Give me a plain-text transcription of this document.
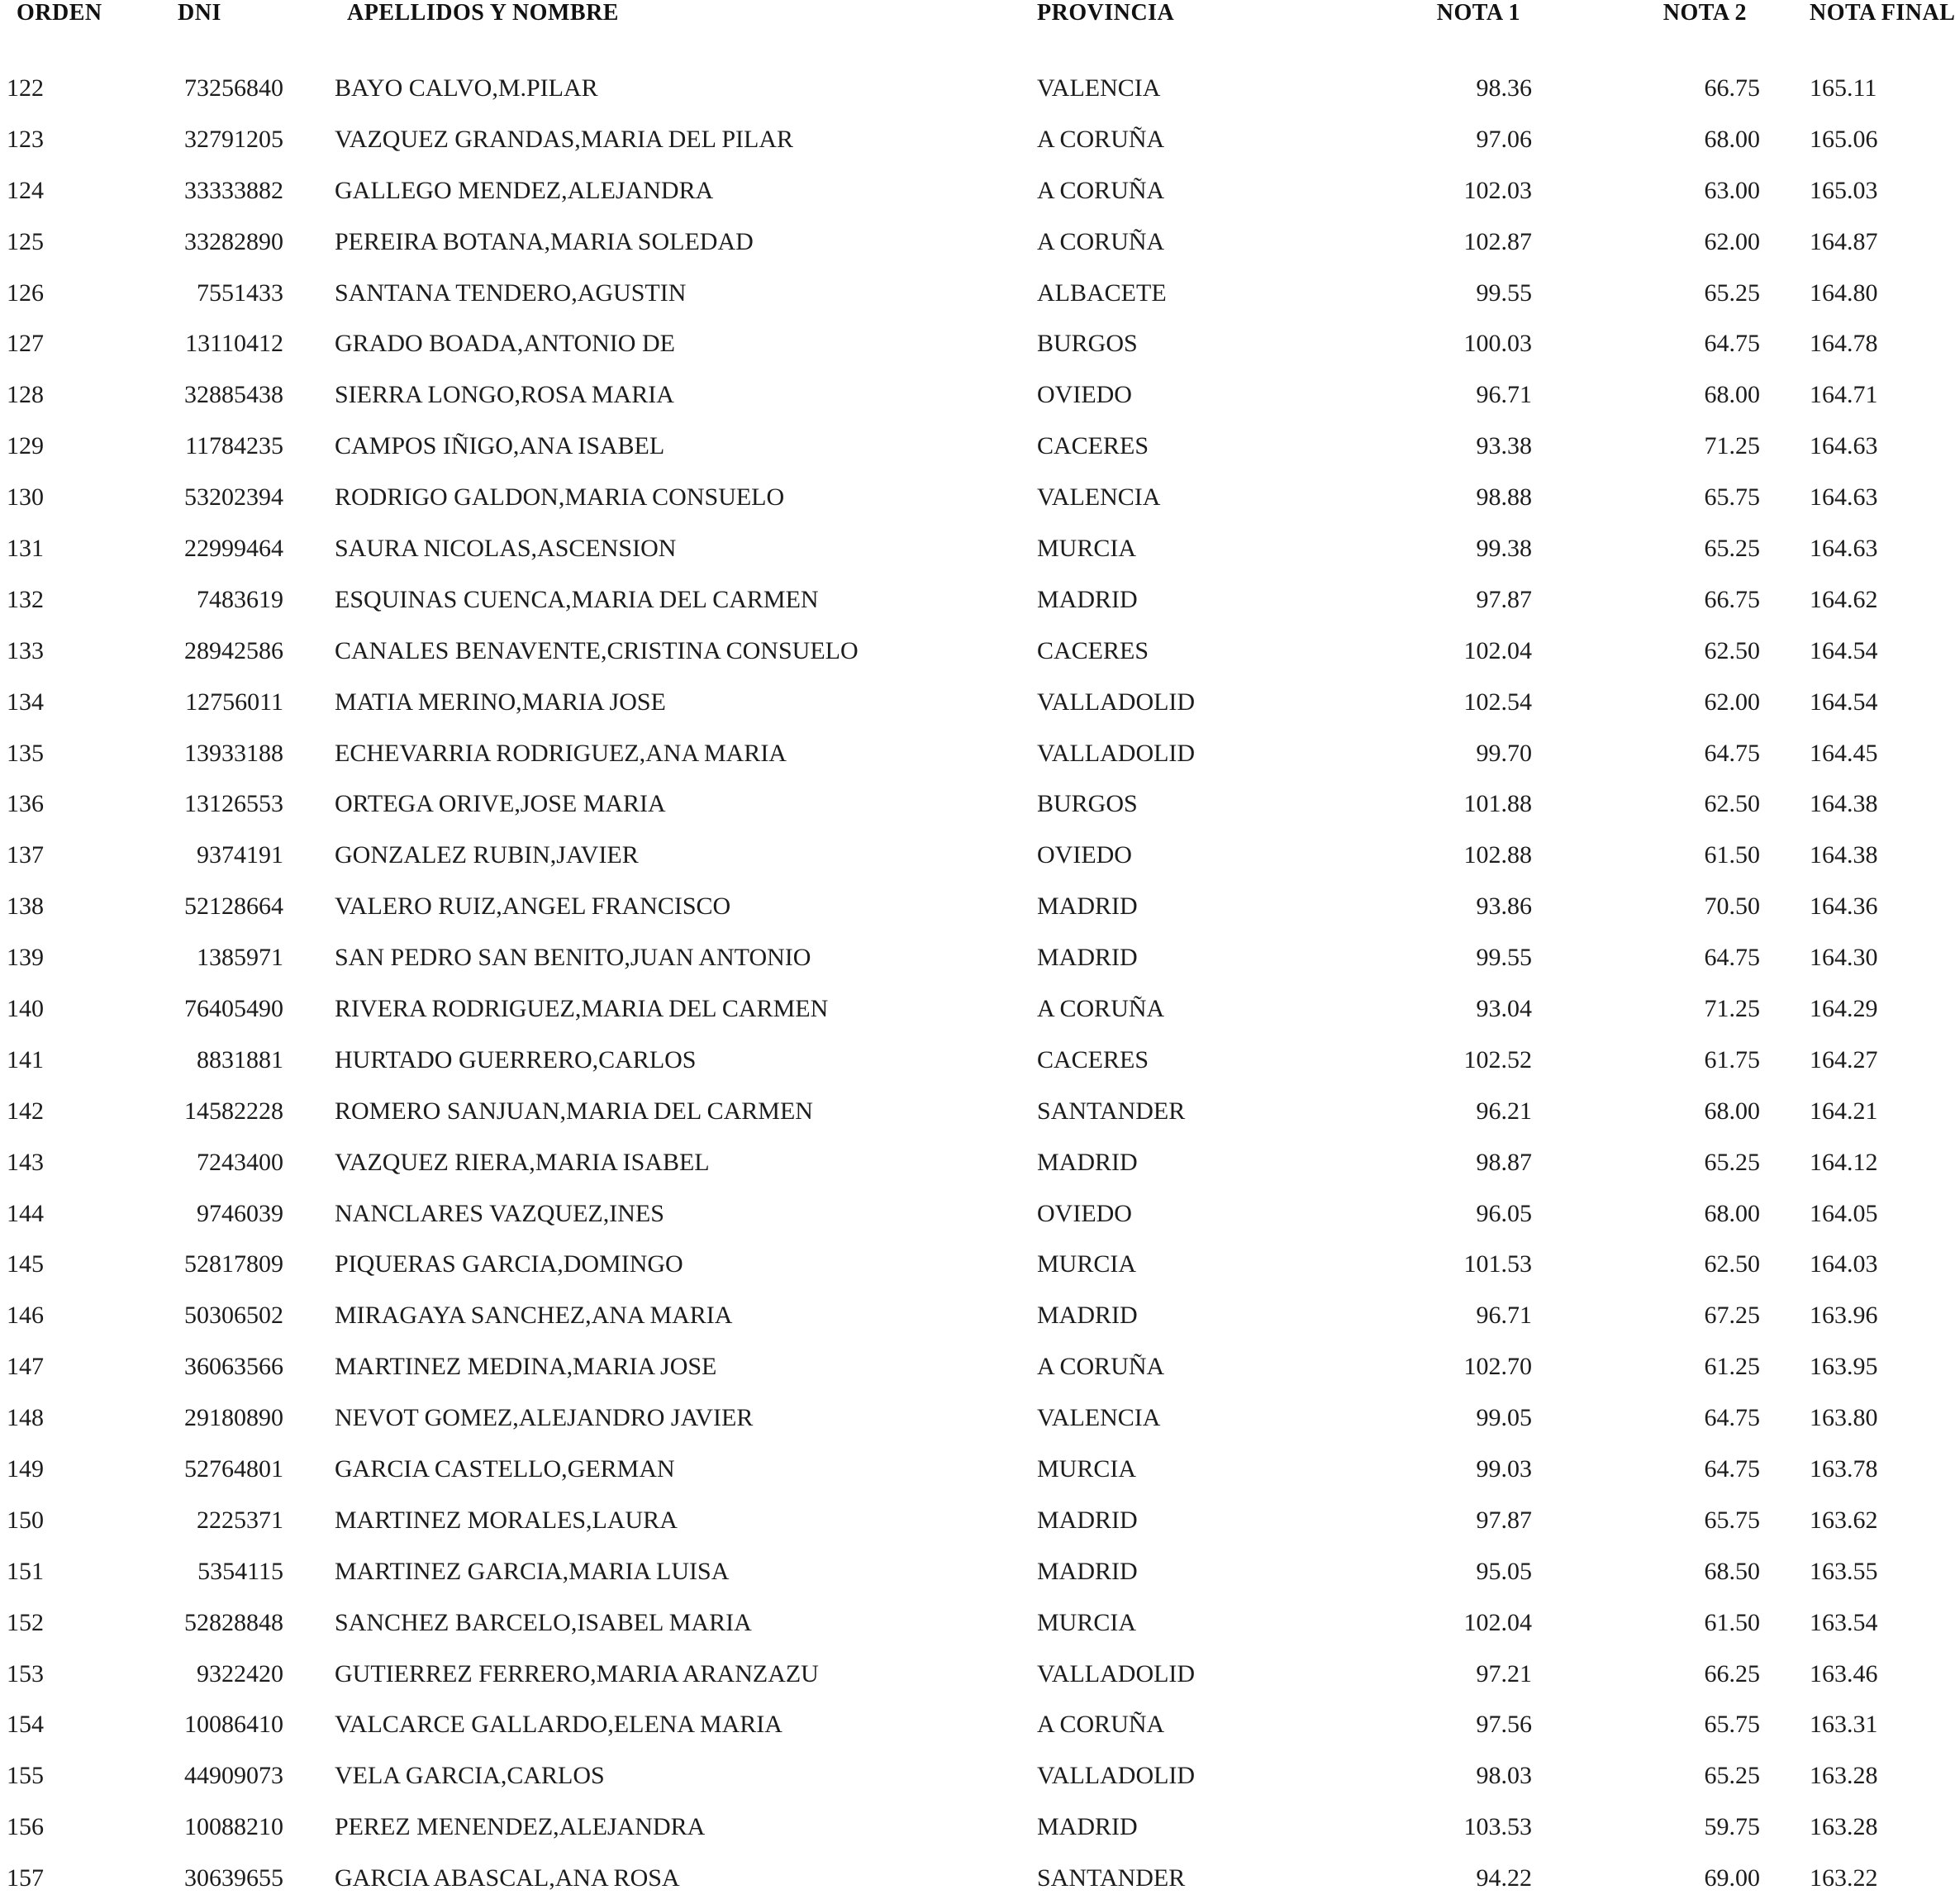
ORDEN	DNI	APELLIDOS Y NOMBRE	PROVINCIA	NOTA 1	NOTA 2	NOTA FINAL

122	73256840	BAYO CALVO,M.PILAR	VALENCIA	98.36	66.75	165.11
123	32791205	VAZQUEZ GRANDAS,MARIA DEL PILAR	A CORUÑA	97.06	68.00	165.06
124	33333882	GALLEGO MENDEZ,ALEJANDRA	A CORUÑA	102.03	63.00	165.03
125	33282890	PEREIRA BOTANA,MARIA SOLEDAD	A CORUÑA	102.87	62.00	164.87
126	7551433	SANTANA TENDERO,AGUSTIN	ALBACETE	99.55	65.25	164.80
127	13110412	GRADO BOADA,ANTONIO DE	BURGOS	100.03	64.75	164.78
128	32885438	SIERRA LONGO,ROSA MARIA	OVIEDO	96.71	68.00	164.71
129	11784235	CAMPOS IÑIGO,ANA ISABEL	CACERES	93.38	71.25	164.63
130	53202394	RODRIGO GALDON,MARIA CONSUELO	VALENCIA	98.88	65.75	164.63
131	22999464	SAURA NICOLAS,ASCENSION	MURCIA	99.38	65.25	164.63
132	7483619	ESQUINAS CUENCA,MARIA DEL CARMEN	MADRID	97.87	66.75	164.62
133	28942586	CANALES BENAVENTE,CRISTINA CONSUELO	CACERES	102.04	62.50	164.54
134	12756011	MATIA MERINO,MARIA JOSE	VALLADOLID	102.54	62.00	164.54
135	13933188	ECHEVARRIA RODRIGUEZ,ANA MARIA	VALLADOLID	99.70	64.75	164.45
136	13126553	ORTEGA ORIVE,JOSE MARIA	BURGOS	101.88	62.50	164.38
137	9374191	GONZALEZ RUBIN,JAVIER	OVIEDO	102.88	61.50	164.38
138	52128664	VALERO RUIZ,ANGEL FRANCISCO	MADRID	93.86	70.50	164.36
139	1385971	SAN PEDRO SAN BENITO,JUAN ANTONIO	MADRID	99.55	64.75	164.30
140	76405490	RIVERA RODRIGUEZ,MARIA DEL CARMEN	A CORUÑA	93.04	71.25	164.29
141	8831881	HURTADO GUERRERO,CARLOS	CACERES	102.52	61.75	164.27
142	14582228	ROMERO SANJUAN,MARIA DEL CARMEN	SANTANDER	96.21	68.00	164.21
143	7243400	VAZQUEZ RIERA,MARIA ISABEL	MADRID	98.87	65.25	164.12
144	9746039	NANCLARES VAZQUEZ,INES	OVIEDO	96.05	68.00	164.05
145	52817809	PIQUERAS GARCIA,DOMINGO	MURCIA	101.53	62.50	164.03
146	50306502	MIRAGAYA SANCHEZ,ANA MARIA	MADRID	96.71	67.25	163.96
147	36063566	MARTINEZ MEDINA,MARIA JOSE	A CORUÑA	102.70	61.25	163.95
148	29180890	NEVOT GOMEZ,ALEJANDRO JAVIER	VALENCIA	99.05	64.75	163.80
149	52764801	GARCIA CASTELLO,GERMAN	MURCIA	99.03	64.75	163.78
150	2225371	MARTINEZ MORALES,LAURA	MADRID	97.87	65.75	163.62
151	5354115	MARTINEZ GARCIA,MARIA LUISA	MADRID	95.05	68.50	163.55
152	52828848	SANCHEZ BARCELO,ISABEL MARIA	MURCIA	102.04	61.50	163.54
153	9322420	GUTIERREZ FERRERO,MARIA ARANZAZU	VALLADOLID	97.21	66.25	163.46
154	10086410	VALCARCE GALLARDO,ELENA MARIA	A CORUÑA	97.56	65.75	163.31
155	44909073	VELA GARCIA,CARLOS	VALLADOLID	98.03	65.25	163.28
156	10088210	PEREZ MENENDEZ,ALEJANDRA	MADRID	103.53	59.75	163.28
157	30639655	GARCIA ABASCAL,ANA ROSA	SANTANDER	94.22	69.00	163.22
